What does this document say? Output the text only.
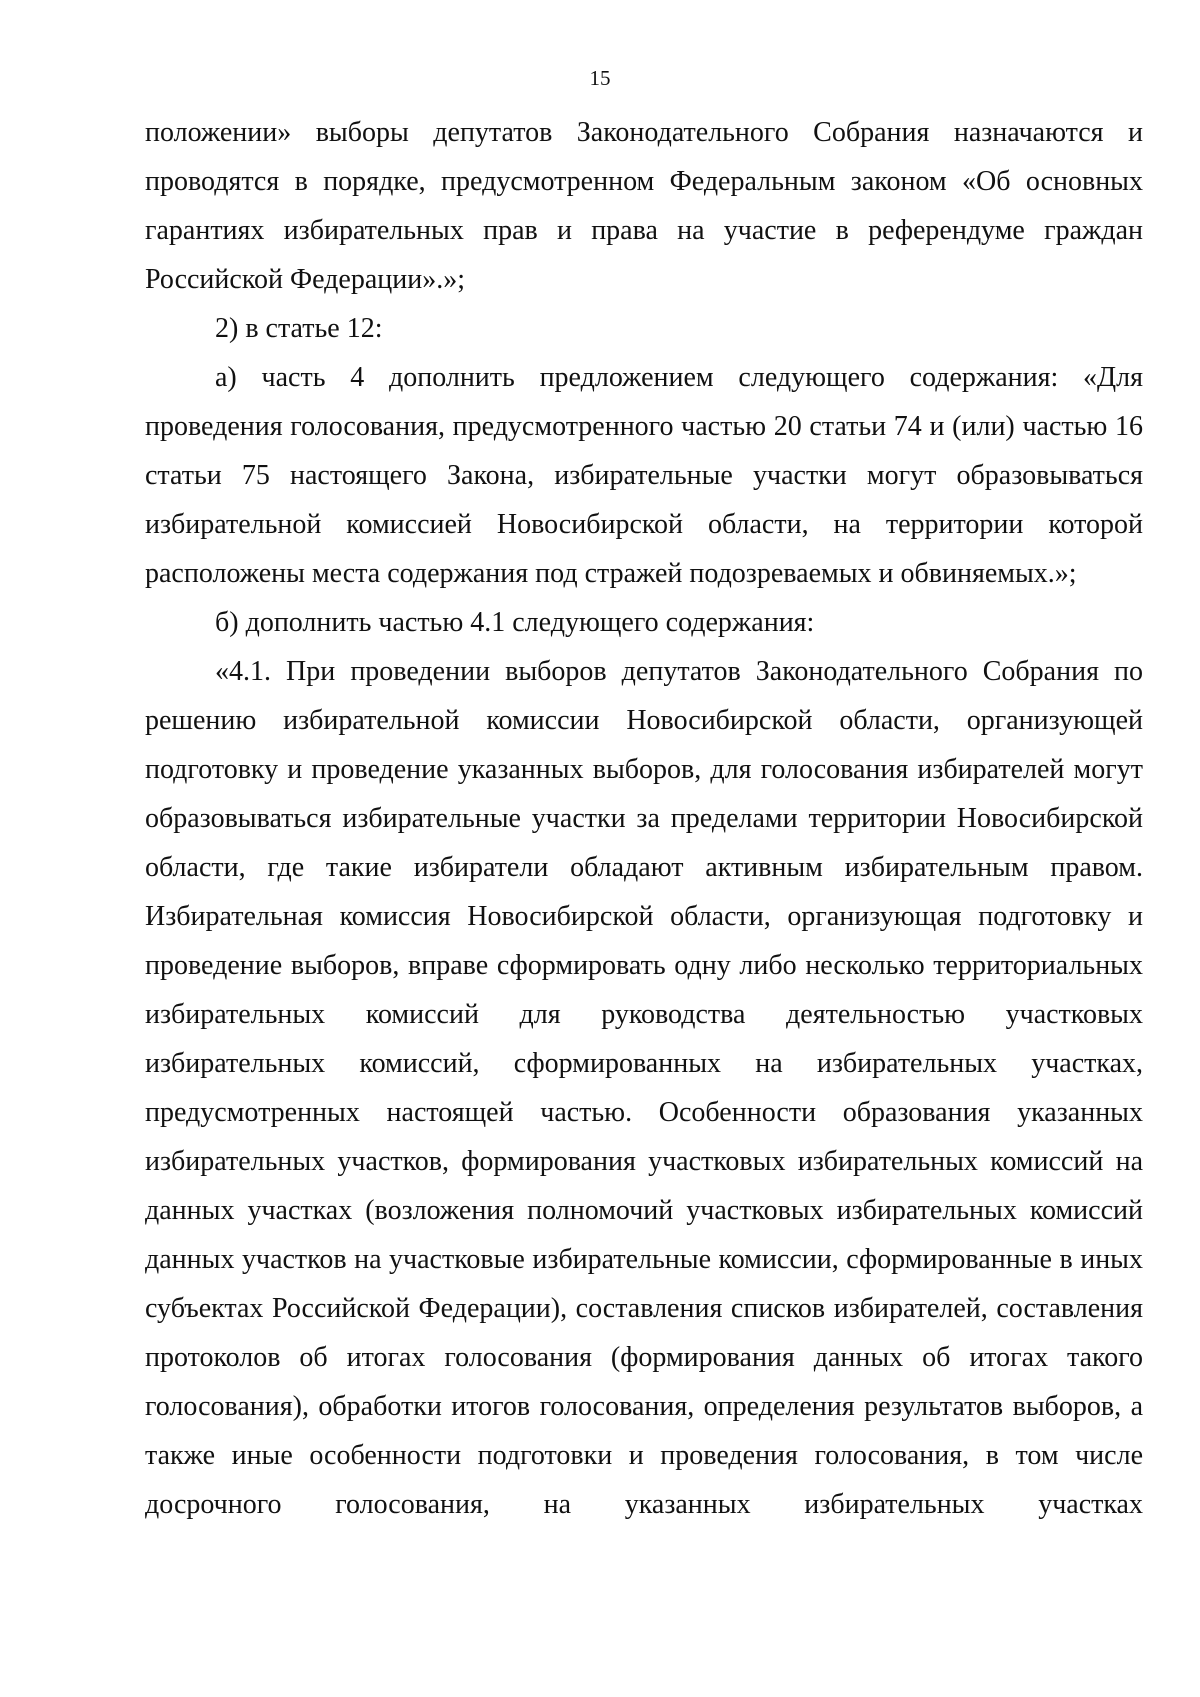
15

положении» выборы депутатов Законодательного Собрания назначаются и проводятся в порядке, предусмотренном Федеральным законом «Об основных гарантиях избирательных прав и права на участие в референдуме граждан Российской Федерации».»;

2) в статье 12:

а) часть 4 дополнить предложением следующего содержания: «Для проведения голосования, предусмотренного частью 20 статьи 74 и (или) частью 16 статьи 75 настоящего Закона, избирательные участки могут образовываться избирательной комиссией Новосибирской области, на территории которой расположены места содержания под стражей подозреваемых и обвиняемых.»;

б) дополнить частью 4.1 следующего содержания:

«4.1. При проведении выборов депутатов Законодательного Собрания по решению избирательной комиссии Новосибирской области, организующей подготовку и проведение указанных выборов, для голосования избирателей могут образовываться избирательные участки за пределами территории Новосибирской области, где такие избиратели обладают активным избирательным правом. Избирательная комиссия Новосибирской области, организующая подготовку и проведение выборов, вправе сформировать одну либо несколько территориальных избирательных комиссий для руководства деятельностью участковых избирательных комиссий, сформированных на избирательных участках, предусмотренных настоящей частью. Особенности образования указанных избирательных участков, формирования участковых избирательных комиссий на данных участках (возложения полномочий участковых избирательных комиссий данных участков на участковые избирательные комиссии, сформированные в иных субъектах Российской Федерации), составления списков избирателей, составления протоколов об итогах голосования (формирования данных об итогах такого голосования), обработки итогов голосования, определения результатов выборов, а также иные особенности подготовки и проведения голосования, в том числе досрочного голосования, на указанных избирательных участках
